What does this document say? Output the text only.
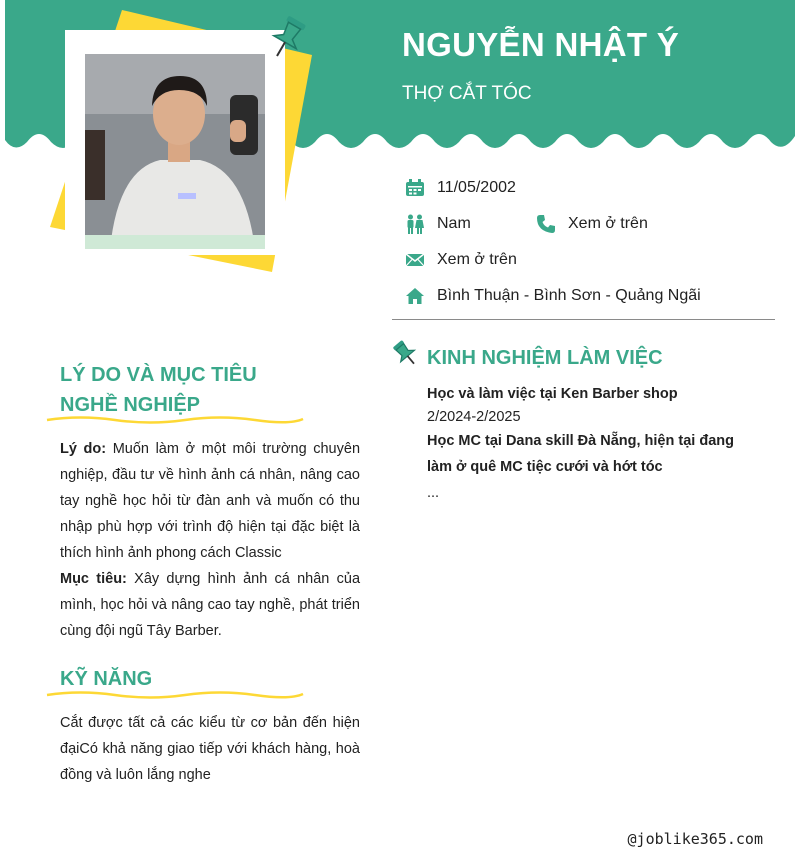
NGUYỄN NHẬT Ý
THỢ CẮT TÓC
11/05/2002
Nam	Xem ở trên
Xem ở trên
Bình Thuận - Bình Sơn - Quảng Ngãi
LÝ DO VÀ MỤC TIÊU NGHỀ NGHIỆP
Lý do: Muốn làm ở một môi trường chuyên nghiệp, đầu tư về hình ảnh cá nhân, nâng cao tay nghề học hỏi từ đàn anh và muốn có thu nhập phù hợp với trình độ hiện tại đặc biệt là thích hình ảnh phong cách Classic
Mục tiêu: Xây dựng hình ảnh cá nhân của mình, học hỏi và nâng cao tay nghề, phát triển cùng đội ngũ Tây Barber.
KỸ NĂNG
Cắt được tất cả các kiểu từ cơ bản đến hiện đạiCó khả năng giao tiếp với khách hàng, hoà đồng và luôn lắng nghe
KINH NGHIỆM LÀM VIỆC
Học và làm việc tại Ken Barber shop
2/2024-2/2025
Học MC tại Dana skill Đà Nẵng, hiện tại đang làm ở quê MC tiệc cưới và hớt tóc
...
@joblike365.com
